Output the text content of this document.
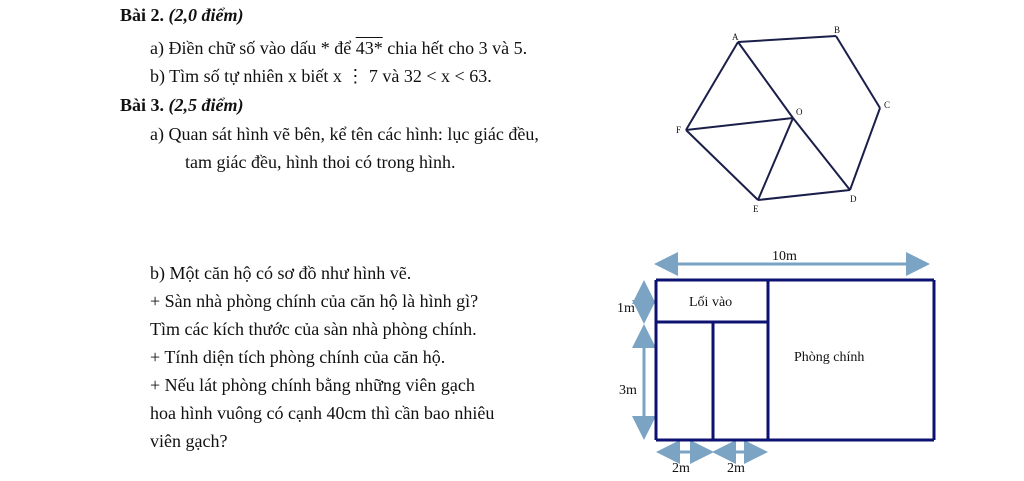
Bài 2. (2,0 điểm)
a) Điền chữ số vào dấu * để 43* chia hết cho 3 và 5.
b) Tìm số tự nhiên x biết x ⋮ 7 và 32 < x < 63.
Bài 3. (2,5 điểm)
a) Quan sát hình vẽ bên, kể tên các hình: lục giác đều,
tam giác đều, hình thoi có trong hình.
b) Một căn hộ có sơ đồ như hình vẽ.
+ Sàn nhà phòng chính của căn hộ là hình gì?
Tìm các kích thước của sàn nhà phòng chính.
+ Tính diện tích phòng chính của căn hộ.
+ Nếu lát phòng chính bằng những viên gạch
hoa hình vuông có cạnh 40cm thì cần bao nhiêu
viên gạch?
A
B
C
D
E
F
O
10m
1m
3m
2m	2m
Lối vào
Phòng chính
